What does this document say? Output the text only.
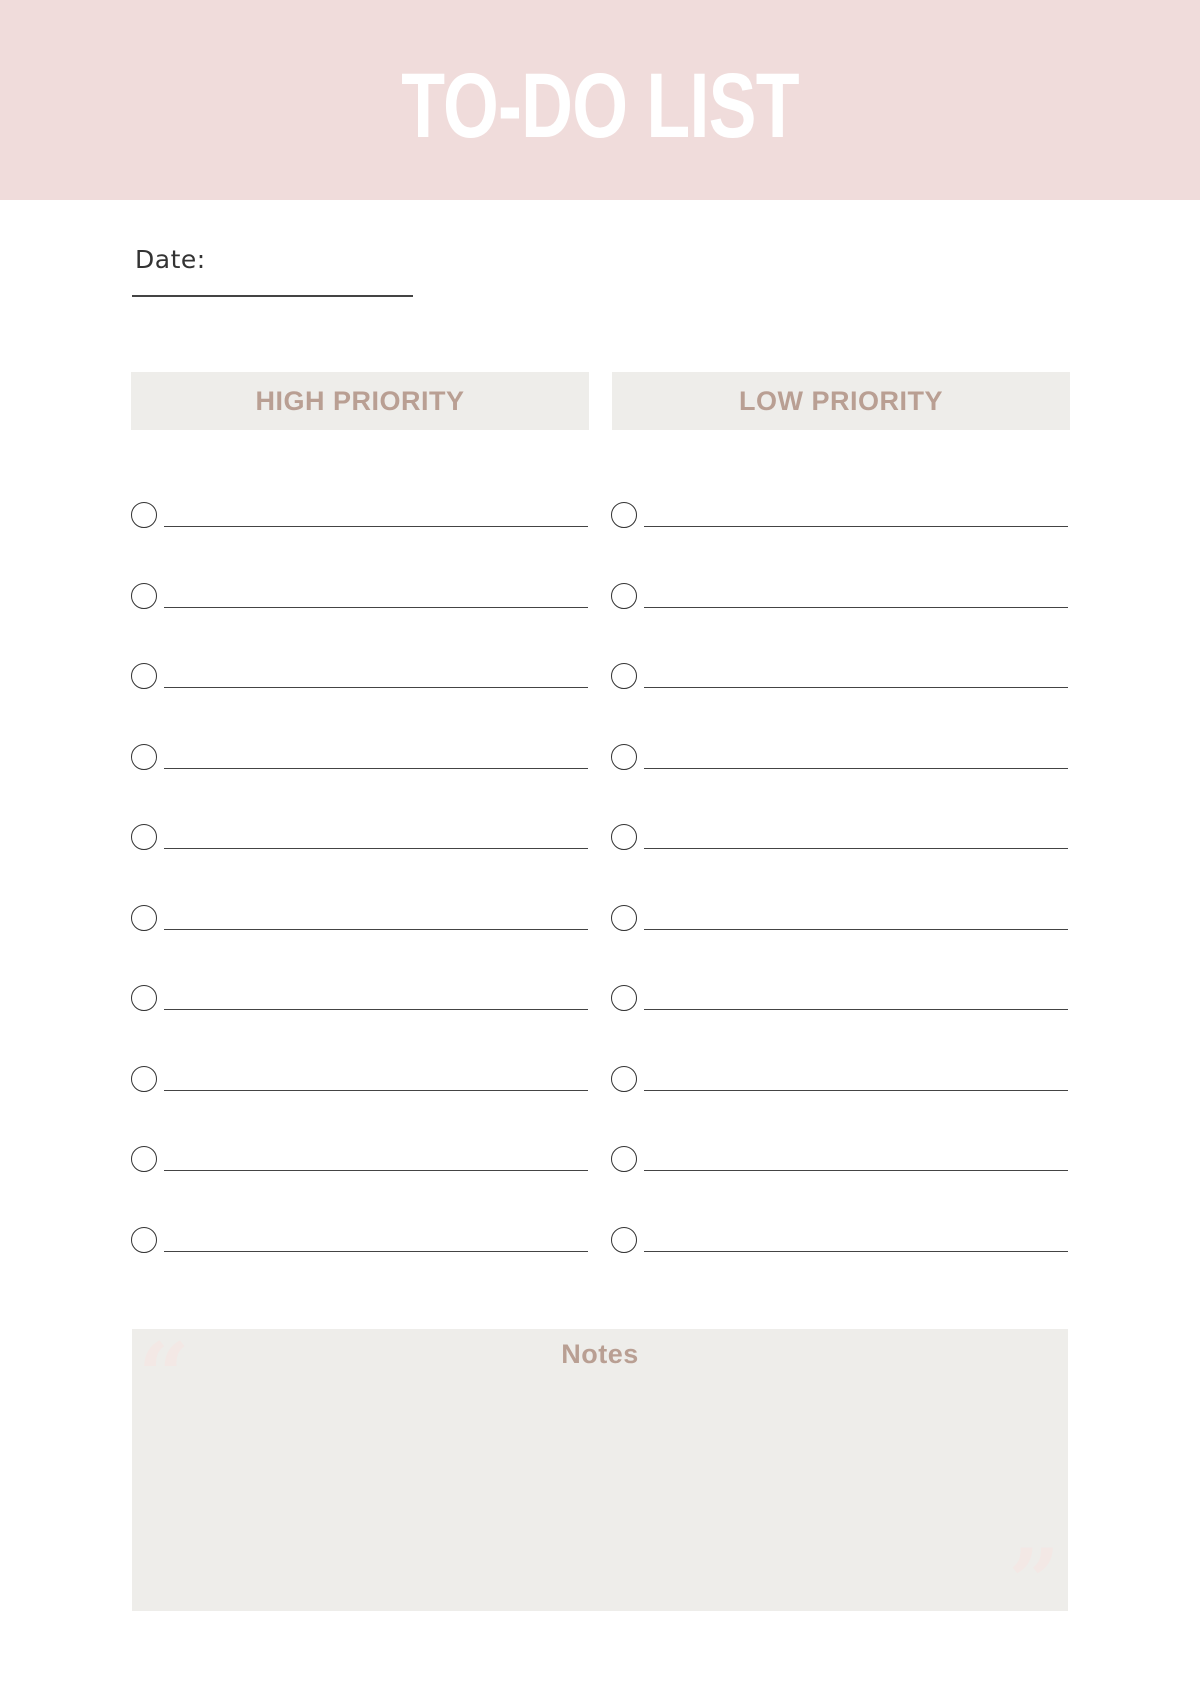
TO-DO LIST
Date:
HIGH PRIORITY	LOW PRIORITY
“	Notes
”
